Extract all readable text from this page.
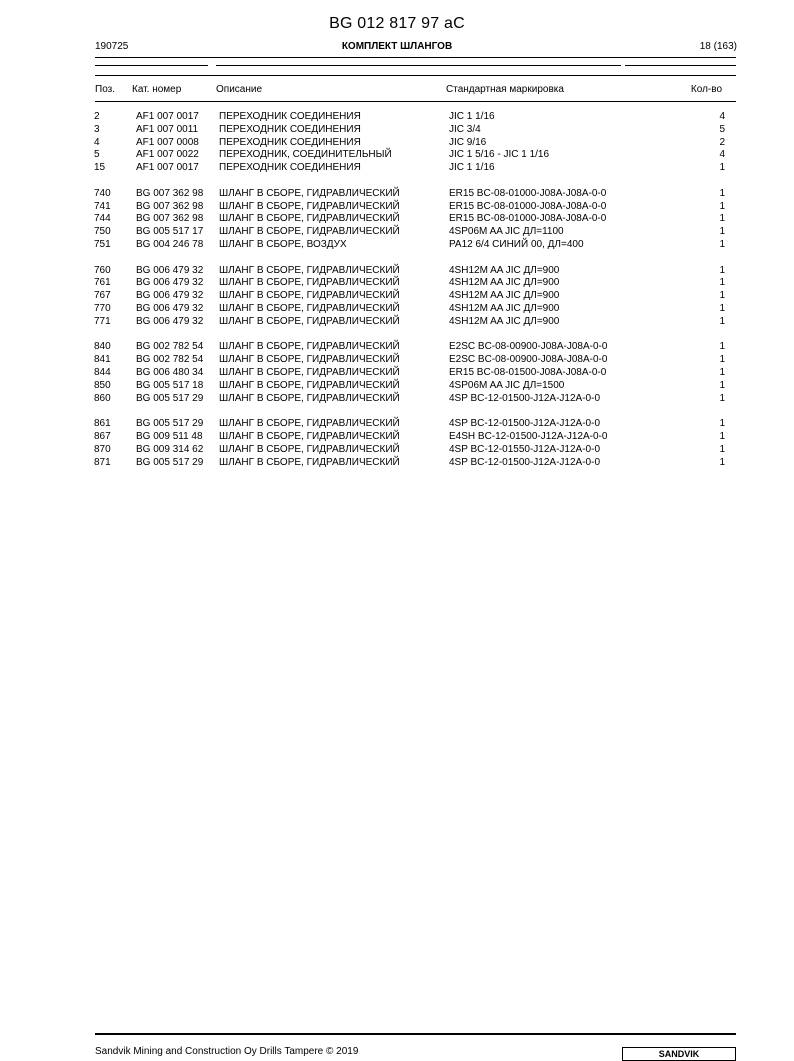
BG 012 817 97 aC
190725	КОМПЛЕКТ ШЛАНГОВ	18 (163)
Поз. Кат. номер	Описание	Стандартная маркировка	Кол-во
2	AF1 007 0017 ПЕРЕХОДНИК СОЕДИНЕНИЯ	JIC 1 1/16	4
3	AF1 007 0011 ПЕРЕХОДНИК СОЕДИНЕНИЯ	JIC 3/4	5
4	AF1 007 0008 ПЕРЕХОДНИК СОЕДИНЕНИЯ	JIC 9/16	2
5	AF1 007 0022 ПЕРЕХОДНИК, СОЕДИНИТЕЛЬНЫЙ	JIC 1 5/16 - JIC 1 1/16	4
15	AF1 007 0017 ПЕРЕХОДНИК СОЕДИНЕНИЯ	JIC 1 1/16	1
740	BG 007 362 98 ШЛАНГ В СБОРЕ, ГИДРАВЛИЧЕСКИЙ	ER15 BC-08-01000-J08A-J08A-0-0	1
741	BG 007 362 98 ШЛАНГ В СБОРЕ, ГИДРАВЛИЧЕСКИЙ	ER15 BC-08-01000-J08A-J08A-0-0	1
744	BG 007 362 98 ШЛАНГ В СБОРЕ, ГИДРАВЛИЧЕСКИЙ	ER15 BC-08-01000-J08A-J08A-0-0	1
750	BG 005 517 17 ШЛАНГ В СБОРЕ, ГИДРАВЛИЧЕСКИЙ	4SP06M AA JIC ДЛ=1100	1
751	BG 004 246 78 ШЛАНГ В СБОРЕ, ВОЗДУХ	PA12 6/4 СИНИЙ 00, ДЛ=400	1
760	BG 006 479 32 ШЛАНГ В СБОРЕ, ГИДРАВЛИЧЕСКИЙ	4SH12M AA JIC ДЛ=900	1
761	BG 006 479 32 ШЛАНГ В СБОРЕ, ГИДРАВЛИЧЕСКИЙ	4SH12M AA JIC ДЛ=900	1
767	BG 006 479 32 ШЛАНГ В СБОРЕ, ГИДРАВЛИЧЕСКИЙ	4SH12M AA JIC ДЛ=900	1
770	BG 006 479 32 ШЛАНГ В СБОРЕ, ГИДРАВЛИЧЕСКИЙ	4SH12M AA JIC ДЛ=900	1
771	BG 006 479 32 ШЛАНГ В СБОРЕ, ГИДРАВЛИЧЕСКИЙ	4SH12M AA JIC ДЛ=900	1
840	BG 002 782 54 ШЛАНГ В СБОРЕ, ГИДРАВЛИЧЕСКИЙ	E2SC BC-08-00900-J08A-J08A-0-0	1
841	BG 002 782 54 ШЛАНГ В СБОРЕ, ГИДРАВЛИЧЕСКИЙ	E2SC BC-08-00900-J08A-J08A-0-0	1
844	BG 006 480 34 ШЛАНГ В СБОРЕ, ГИДРАВЛИЧЕСКИЙ	ER15 BC-08-01500-J08A-J08A-0-0	1
850	BG 005 517 18 ШЛАНГ В СБОРЕ, ГИДРАВЛИЧЕСКИЙ	4SP06M AA JIC ДЛ=1500	1
860	BG 005 517 29 ШЛАНГ В СБОРЕ, ГИДРАВЛИЧЕСКИЙ	4SP BC-12-01500-J12A-J12A-0-0	1
861	BG 005 517 29 ШЛАНГ В СБОРЕ, ГИДРАВЛИЧЕСКИЙ	4SP BC-12-01500-J12A-J12A-0-0	1
867	BG 009 511 48 ШЛАНГ В СБОРЕ, ГИДРАВЛИЧЕСКИЙ	E4SH BC-12-01500-J12A-J12A-0-0	1
870	BG 009 314 62 ШЛАНГ В СБОРЕ, ГИДРАВЛИЧЕСКИЙ	4SP BC-12-01550-J12A-J12A-0-0	1
871	BG 005 517 29 ШЛАНГ В СБОРЕ, ГИДРАВЛИЧЕСКИЙ	4SP BC-12-01500-J12A-J12A-0-0	1
Sandvik Mining and Construction Oy Drills Tampere © 2019	SANDVIK
